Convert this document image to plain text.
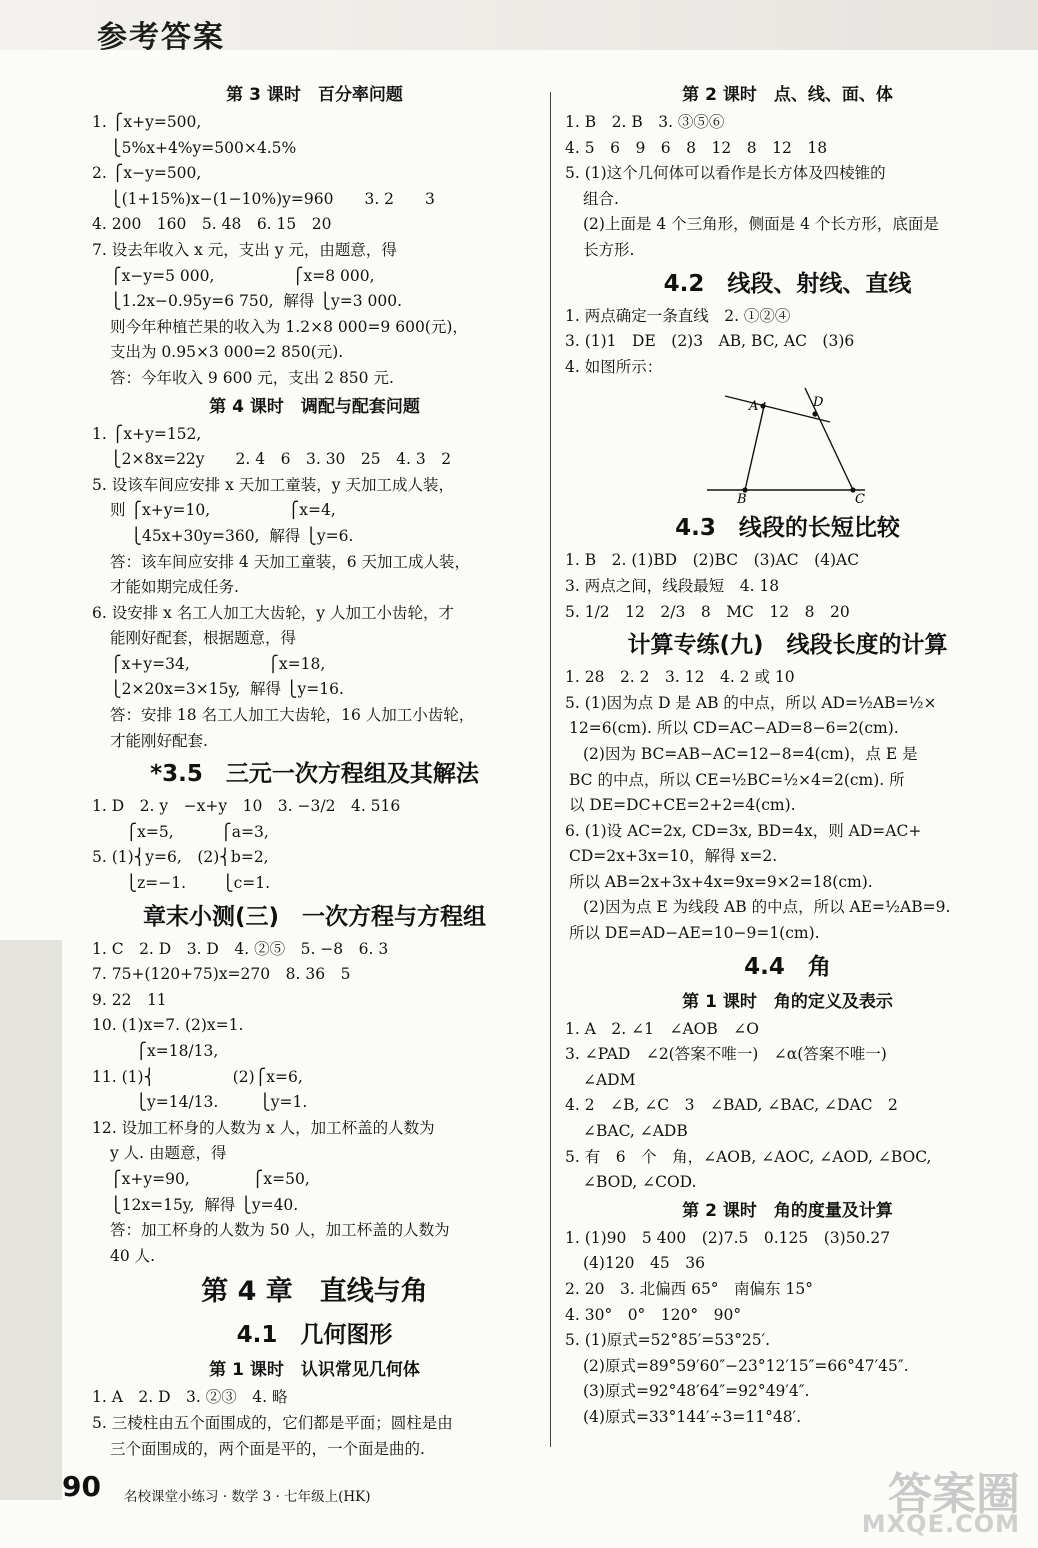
参考答案
第 3 课时　百分率问题
1. ⎧x+y=500,
⎩5%x+4%y=500×4.5%
2. ⎧x−y=500,
⎩(1+15%)x−(1−10%)y=960　　3. 2　　3
4. 200　160　5. 48　6. 15　20
7. 设去年收入 x 元，支出 y 元，由题意，得
⎧x−y=5 000,　　　　　⎧x=8 000,
⎩1.2x−0.95y=6 750,  解得 ⎩y=3 000.
则今年种植芒果的收入为 1.2×8 000=9 600(元)，
支出为 0.95×3 000=2 850(元).
答：今年收入 9 600 元，支出 2 850 元.
第 4 课时　调配与配套问题
1. ⎧x+y=152,
⎩2×8x=22y　　2. 4　6　3. 30　25　4. 3　2
5. 设该车间应安排 x 天加工童装，y 天加工成人装，
则 ⎧x+y=10,　　　　　⎧x=4,
　 ⎩45x+30y=360,  解得 ⎩y=6.
答：该车间应安排 4 天加工童装，6 天加工成人装，
才能如期完成任务.
6. 设安排 x 名工人加工大齿轮，y 人加工小齿轮，才
能刚好配套，根据题意，得
⎧x+y=34,　　　　　⎧x=18,
⎩2×20x=3×15y,  解得 ⎩y=16.
答：安排 18 名工人加工大齿轮，16 人加工小齿轮，
才能刚好配套.
*3.5　三元一次方程组及其解法
1. D　2. y　−x+y　10　3. −3/2　4. 516
　⎧x=5,　　　⎧a=3,
5. (1)⎨y=6,　(2)⎨b=2,
　⎩z=−1.　　 ⎩c=1.
章末小测(三)　一次方程与方程组
1. C　2. D　3. D　4. ②⑤　5. −8　6. 3
7. 75+(120+75)x=270　8. 36　5
9. 22　11
10. (1)x=7. (2)x=1.
　  ⎧x=18/13,
11. (1)⎨　　　　　(2)⎧x=6,
　  ⎩y=14/13.　　  ⎩y=1.
12. 设加工杯身的人数为 x 人，加工杯盖的人数为
y 人. 由题意，得
⎧x+y=90,　　　　⎧x=50,
⎩12x=15y,  解得 ⎩y=40.
答：加工杯身的人数为 50 人，加工杯盖的人数为
40 人.
第 4 章　直线与角
4.1　几何图形
第 1 课时　认识常见几何体
1. A　2. D　3. ②③　4. 略
5. 三棱柱由五个面围成的，它们都是平面；圆柱是由
三个面围成的，两个面是平的，一个面是曲的.
第 2 课时　点、线、面、体
1. B　2. B　3. ③⑤⑥
4. 5　6　9　6　8　12　8　12　18
5. (1)这个几何体可以看作是长方体及四棱锥的
组合.
(2)上面是 4 个三角形，侧面是 4 个长方形，底面是
长方形.
4.2　线段、射线、直线
1. 两点确定一条直线　2. ①②④
3. (1)1　DE　(2)3　AB, BC, AC　(3)6
4. 如图所示：
A
B	C
D
4.3　线段的长短比较
1. B　2. (1)BD　(2)BC　(3)AC　(4)AC
3. 两点之间，线段最短　4. 18
5. 1/2　12　2/3　8　MC　12　8　20
计算专练(九)　线段长度的计算
1. 28　2. 2　3. 12　4. 2 或 10
5. (1)因为点 D 是 AB 的中点，所以 AD=½AB=½×
12=6(cm). 所以 CD=AC−AD=8−6=2(cm).
(2)因为 BC=AB−AC=12−8=4(cm)，点 E 是
BC 的中点，所以 CE=½BC=½×4=2(cm). 所
以 DE=DC+CE=2+2=4(cm).
6. (1)设 AC=2x, CD=3x, BD=4x，则 AD=AC+
CD=2x+3x=10，解得 x=2.
所以 AB=2x+3x+4x=9x=9×2=18(cm).
(2)因为点 E 为线段 AB 的中点，所以 AE=½AB=9.
所以 DE=AD−AE=10−9=1(cm).
4.4　角
第 1 课时　角的定义及表示
1. A　2. ∠1　∠AOB　∠O
3. ∠PAD　∠2(答案不唯一)　∠α(答案不唯一)
∠ADM
4. 2　∠B, ∠C　3　∠BAD, ∠BAC, ∠DAC　2
∠BAC, ∠ADB
5. 有　6　个　角，∠AOB, ∠AOC, ∠AOD, ∠BOC,
∠BOD, ∠COD.
第 2 课时　角的度量及计算
1. (1)90　5 400　(2)7.5　0.125　(3)50.27
(4)120　45　36
2. 20　3. 北偏西 65°　南偏东 15°
4. 30°　0°　120°　90°
5. (1)原式=52°85′=53°25′.
(2)原式=89°59′60″−23°12′15″=66°47′45″.
(3)原式=92°48′64″=92°49′4″.
(4)原式=33°144′÷3=11°48′.
90 名校课堂小练习 · 数学 3 · 七年级上(HK)	答案圈
MXQE.COM
